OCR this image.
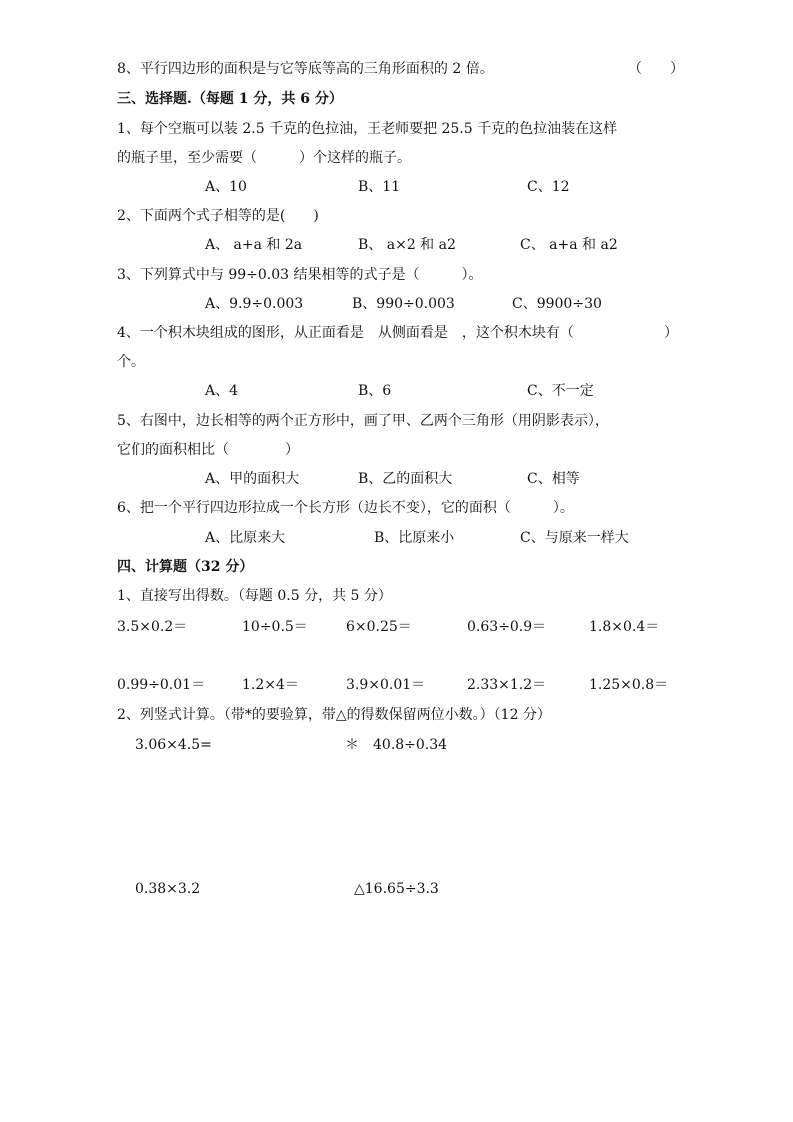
8、平行四边形的面积是与它等底等高的三角形面积的 2 倍。	（　　）
三、选择题.（每题 1 分，共 6 分）
1、每个空瓶可以装 2.5 千克的色拉油，王老师要把 25.5 千克的色拉油装在这样
的瓶子里，至少需要（　　　）个这样的瓶子。
A、10	B、11	C、12
2、下面两个式子相等的是(　　)
A、 a+a 和 2a	B、 a×2 和 a2	C、 a+a 和 a2
3、下列算式中与 99÷0.03 结果相等的式子是（　　　）。
A、9.9÷0.003	B、990÷0.003	C、9900÷30
4、一个积木块组成的图形，从正面看是　从侧面看是　，这个积木块有（	）
个。
A、4	B、6	C、不一定
5、右图中，边长相等的两个正方形中，画了甲、乙两个三角形（用阴影表示），
它们的面积相比（　　　　）
A、甲的面积大	B、乙的面积大	C、相等
6、把一个平行四边形拉成一个长方形（边长不变），它的面积（　　　）。
A、比原来大	B、比原来小	C、与原来一样大
四、计算题（32 分）
1、直接写出得数。（每题 0.5 分，共 5 分）
3.5×0.2＝	10÷0.5＝	6×0.25＝	0.63÷0.9＝	1.8×0.4＝
0.99÷0.01＝	1.2×4＝	3.9×0.01＝	2.33×1.2＝	1.25×0.8＝
2、列竖式计算。（带*的要验算，带△的得数保留两位小数。）（12 分）
3.06×4.5=	＊　40.8÷0.34
0.38×3.2	△16.65÷3.3
